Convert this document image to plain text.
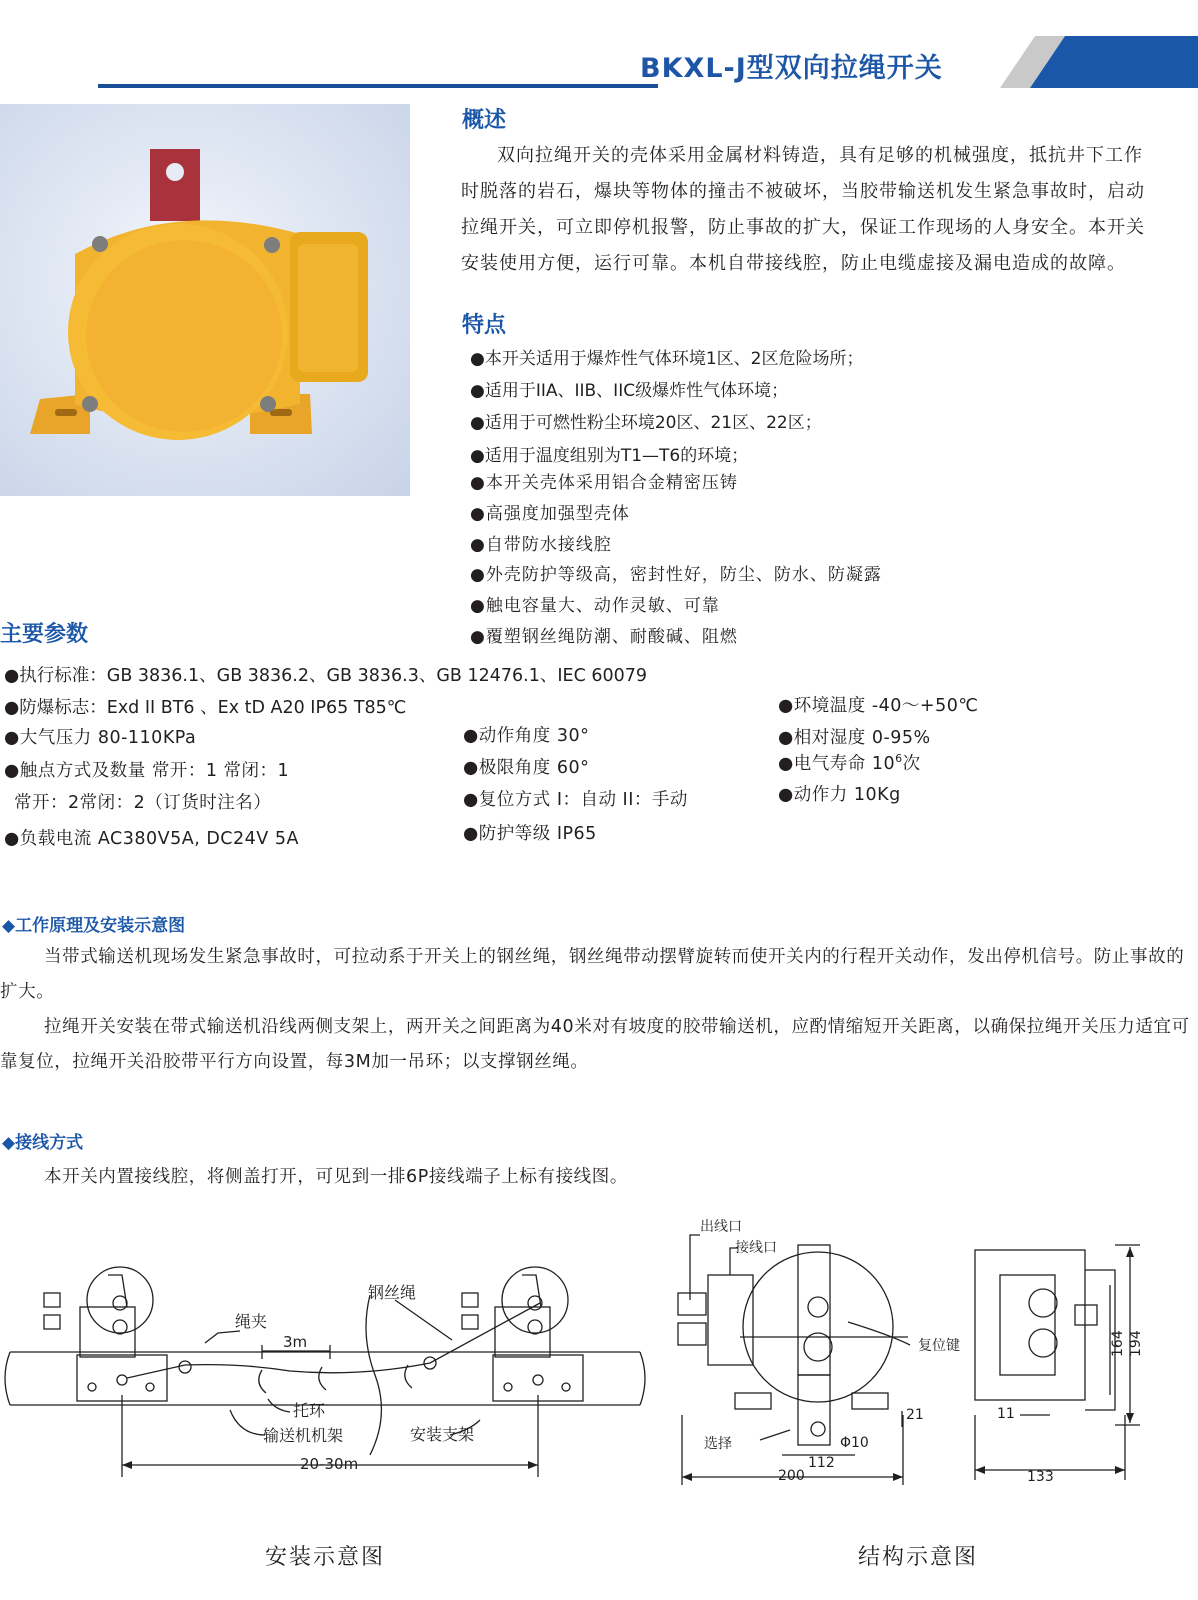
BKXL-J型双向拉绳开关
概述
双向拉绳开关的壳体采用金属材料铸造，具有足够的机械强度，抵抗井下工作时脱落的岩石，爆块等物体的撞击不被破坏，当胶带输送机发生紧急事故时，启动拉绳开关，可立即停机报警，防止事故的扩大，保证工作现场的人身安全。本开关安装使用方便，运行可靠。本机自带接线腔，防止电缆虚接及漏电造成的故障。
特点
●本开关适用于爆炸性气体环境1区、2区危险场所；
●适用于IIA、IIB、IIC级爆炸性气体环境；
●适用于可燃性粉尘环境20区、21区、22区；
●适用于温度组别为T1—T6的环境；
●本开关壳体采用铝合金精密压铸
●高强度加强型壳体
●自带防水接线腔
●外壳防护等级高，密封性好，防尘、防水、防凝露
●触电容量大、动作灵敏、可靠
●覆塑钢丝绳防潮、耐酸碱、阻燃
主要参数
●执行标准：GB 3836.1、GB 3836.2、GB 3836.3、GB 12476.1、IEC 60079
●防爆标志：Exd II BT6 、Ex tD A20 IP65 T85℃
●大气压力 80-110KPa
●触点方式及数量 常开：1 常闭：1
常开：2常闭：2（订货时注名）
●负载电流 AC380V5A, DC24V 5A
●动作角度 30°
●极限角度 60°
●复位方式 I：自动 II：手动
●防护等级 IP65
●环境温度 -40～+50℃
●相对湿度 0-95%
●电气寿命 $10^6$次
●动作力 10Kg
◆工作原理及安装示意图
当带式输送机现场发生紧急事故时，可拉动系于开关上的钢丝绳，钢丝绳带动摆臂旋转而使开关内的行程开关动作，发出停机信号。防止事故的扩大。
拉绳开关安装在带式输送机沿线两侧支架上，两开关之间距离为40米对有坡度的胶带输送机，应酌情缩短开关距离，以确保拉绳开关压力适宜可靠复位，拉绳开关沿胶带平行方向设置，每3M加一吊环；以支撑钢丝绳。
◆接线方式
本开关内置接线腔，将侧盖打开，可见到一排6P接线端子上标有接线图。
绳夹
钢丝绳
3m
托环
输送机机架	安装支架
20-30m
出线口
接线口
复位键
选择
21
112
200
Φ10
11
133
164 194
安装示意图	结构示意图
